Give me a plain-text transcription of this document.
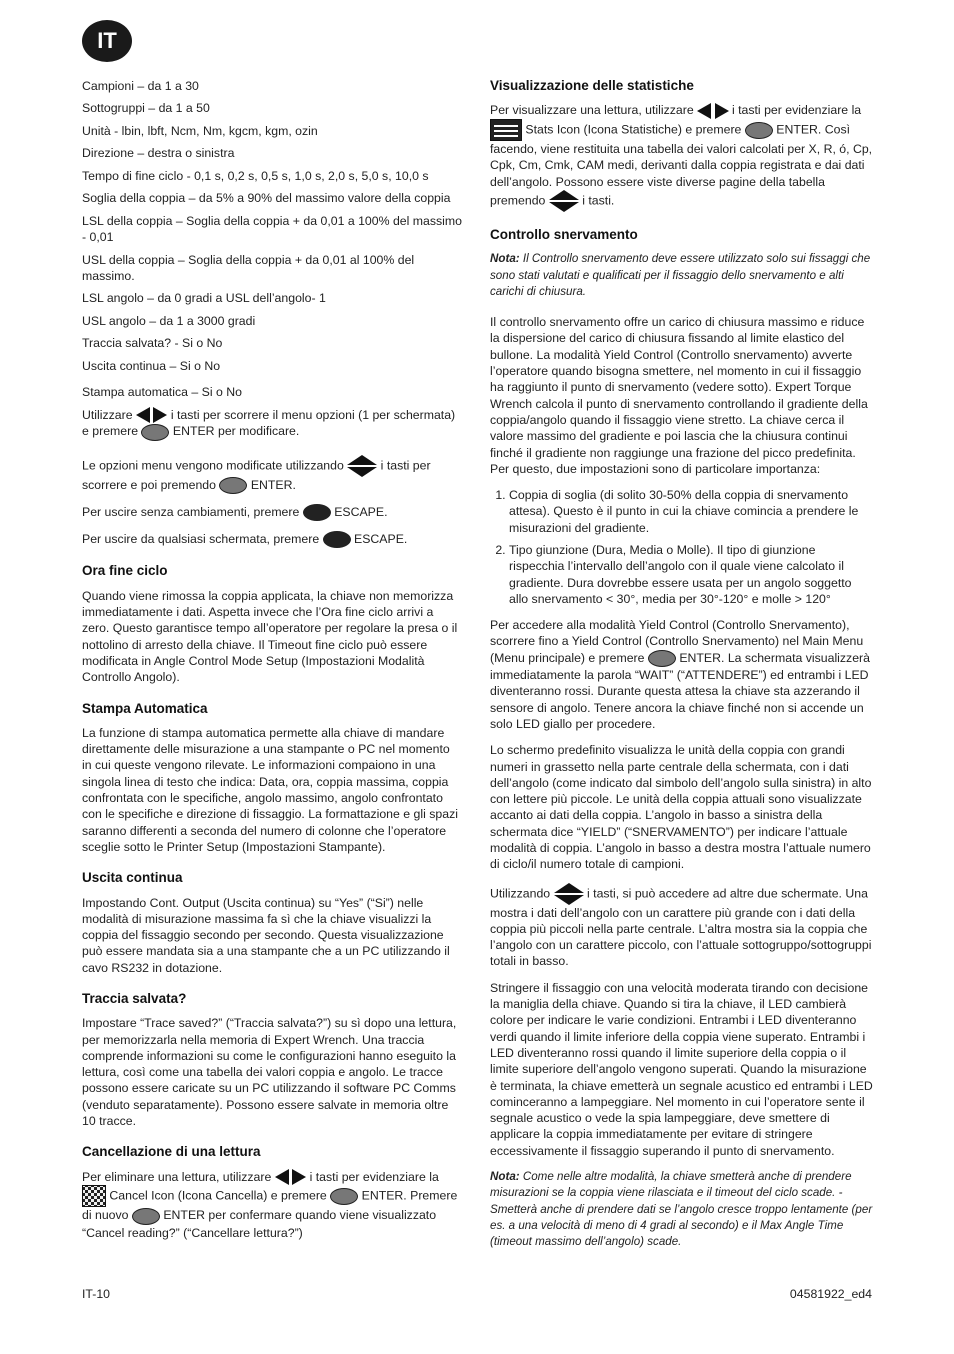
IT
Campioni – da 1 a 30
Sottogruppi – da 1 a 50
Unità - lbin, lbft, Ncm, Nm, kgcm, kgm, ozin
Direzione – destra o sinistra
Tempo di fine ciclo - 0,1 s, 0,2 s, 0,5 s, 1,0 s, 2,0 s, 5,0 s, 10,0 s
Soglia della coppia – da 5% a 90% del massimo valore della coppia
LSL della coppia – Soglia della coppia + da 0,01 a 100% del massimo - 0,01
USL della coppia – Soglia della coppia + da 0,01 al 100% del massimo.
LSL angolo – da 0 gradi a USL dell’angolo- 1
USL angolo – da 1 a 3000 gradi
Traccia salvata? - Si o No
Uscita continua – Si o No
Stampa automatica – Si o No

Utilizzare	i tasti per scorrere il menu opzioni (1 per schermata) e premere	ENTER per modificare.

Le opzioni menu vengono modificate utilizzando	i tasti per scorrere e poi premendo	ENTER.

Per uscire senza cambiamenti, premere	ESCAPE.

Per uscire da qualsiasi schermata, premere	ESCAPE.

Ora fine ciclo

Quando viene rimossa la coppia applicata, la chiave non memorizza immediatamente i dati. Aspetta invece che l’Ora fine ciclo arrivi a zero. Questo garantisce tempo all’operatore per regolare la presa o il nottolino di arresto della chiave. Il Timeout fine ciclo può essere modificata in Angle Control Mode Setup (Impostazioni Modalità Controllo Angolo).

Stampa Automatica

La funzione di stampa automatica permette alla chiave di mandare direttamente delle misurazione a una stampante o PC nel momento in cui queste vengono rilevate. Le informazioni compaiono in una singola linea di testo che indica: Data, ora, coppia massima, coppia confrontata con le specifiche, angolo massimo, angolo confrontato con le specifiche e direzione di fissaggio. La formattazione e gli spazi saranno differenti a seconda del numero di colonne che l’operatore sceglie sotto le Printer Setup (Impostazioni Stampante).

Uscita continua

Impostando Cont. Output (Uscita continua) su “Yes” (“Si”) nelle modalità di misurazione massima fa sì che la chiave visualizzi la coppia del fissaggio secondo per secondo. Questa visualizzazione può essere mandata sia a una stampante che a un PC utilizzando il cavo RS232 in dotazione.

Traccia salvata?

Impostare “Trace saved?” (“Traccia salvata?”) su sì dopo una lettura, per memorizzarla nella memoria di Expert Wrench. Una traccia comprende informazioni su come le configurazioni hanno eseguito la lettura, così come una tabella dei valori coppia e angolo. Le tracce possono essere caricate su un PC utilizzando il software PC Comms (venduto separatamente). Possono essere salvate in memoria oltre 10 tracce.

Cancellazione di una lettura

Per eliminare una lettura, utilizzare	i tasti per evidenziare la  Cancel Icon (Icona Cancella) e premere	ENTER. Premere di nuovo	ENTER per confermare quando viene visualizzato “Cancel reading?” (“Cancellare lettura?”)

Visualizzazione delle statistiche

Per visualizzare una lettura, utilizzare	i tasti per evidenziare la
Stats Icon (Icona Statistiche) e premere	ENTER. Così facendo, viene restituita una tabella dei valori calcolati per X, R, ó, Cp, Cpk, Cm, Cmk, CAM medi, derivanti dalla coppia registrata e dai dati dell’angolo. Possono essere viste diverse pagine della tabella premendo	i tasti.

Controllo snervamento

Nota: Il Controllo snervamento deve essere utilizzato solo sui fissaggi che sono stati valutati e qualificati per il fissaggio dello snervamento e alti carichi di chiusura.

Il controllo snervamento offre un carico di chiusura massimo e riduce la dispersione del carico di chiusura fissando al limite elastico del bullone. La modalità Yield Control (Controllo snervamento) avverte l’operatore quando bisogna smettere, nel momento in cui il fissaggio ha raggiunto il punto di snervamento (vedere sotto). Expert Torque Wrench calcola il punto di snervamento controllando il gradiente della coppia/angolo quando il fissaggio viene stretto. La chiave cerca il valore massimo del gradiente e poi lascia che la chiusura continui finché il gradiente non raggiunge una frazione del picco predefinita. Per questo, due impostazioni sono di particolare importanza:

1. Coppia di soglia (di solito 30-50% della coppia di snervamento attesa). Questo è il punto in cui la chiave comincia a prendere le misurazioni del gradiente.
2. Tipo giunzione (Dura, Media o Molle). Il tipo di giunzione rispecchia l’intervallo dell’angolo con il quale viene calcolato il gradiente. Dura dovrebbe essere usata per un angolo soggetto allo snervamento < 30°, media per 30°-120° e molle > 120°

Per accedere alla modalità Yield Control (Controllo Snervamento), scorrere fino a Yield Control (Controllo Snervamento) nel Main Menu (Menu principale) e premere	ENTER. La schermata visualizzerà immediatamente la parola “WAIT” (“ATTENDERE”) ed entrambi i LED diventeranno rossi. Durante questa attesa la chiave sta azzerando il sensore di angolo. Tenere ancora la chiave finché non si accende un solo LED giallo per procedere.

Lo schermo predefinito visualizza le unità della coppia con grandi numeri in grassetto nella parte centrale della schermata, con i dati dell’angolo (come indicato dal simbolo dell’angolo sulla sinistra) in alto con lettere più piccole. Le unità della coppia attuali sono visualizzate accanto ai dati della coppia. L’angolo in basso a sinistra della schermata dice “YIELD” (“SNERVAMENTO”) per indicare l’attuale modalità di coppia. L’angolo in basso a destra mostra l’attuale numero di ciclo/il numero totale di campioni.

Utilizzando	i tasti, si può accedere ad altre due schermate. Una mostra i dati dell’angolo con un carattere più grande con i dati della coppia più piccoli nella parte centrale. L’altra mostra sia la coppia che l’angolo con un carattere piccolo, con l’attuale sottogruppo/sottogruppi totali in basso.

Stringere il fissaggio con una velocità moderata tirando con decisione la maniglia della chiave. Quando si tira la chiave, il LED cambierà colore per indicare le varie condizioni. Entrambi i LED diventeranno verdi quando il limite inferiore della coppia viene superato. Entrambi i LED diventeranno rossi quando il limite superiore della coppia o il limite superiore dell’angolo vengono superati. Quando la misurazione è terminata, la chiave emetterà un segnale acustico ed entrambi i LED cominceranno a lampeggiare. Nel momento in cui l’operatore sente il segnale acustico o vede la spia lampeggiare, deve smettere di applicare la coppia immediatamente per evitare di stringere eccessivamente il fissaggio superando il punto di snervamento.

Nota: Come nelle altre modalità, la chiave smetterà anche di prendere misurazioni se la coppia viene rilasciata e il timeout del ciclo scade. -Smetterà anche di prendere dati se l’angolo cresce troppo lentamente (per es. a una velocità di meno di 4 gradi al secondo) e il Max Angle Time (timeout massimo dell’angolo) scade.

IT-10	04581922_ed4
